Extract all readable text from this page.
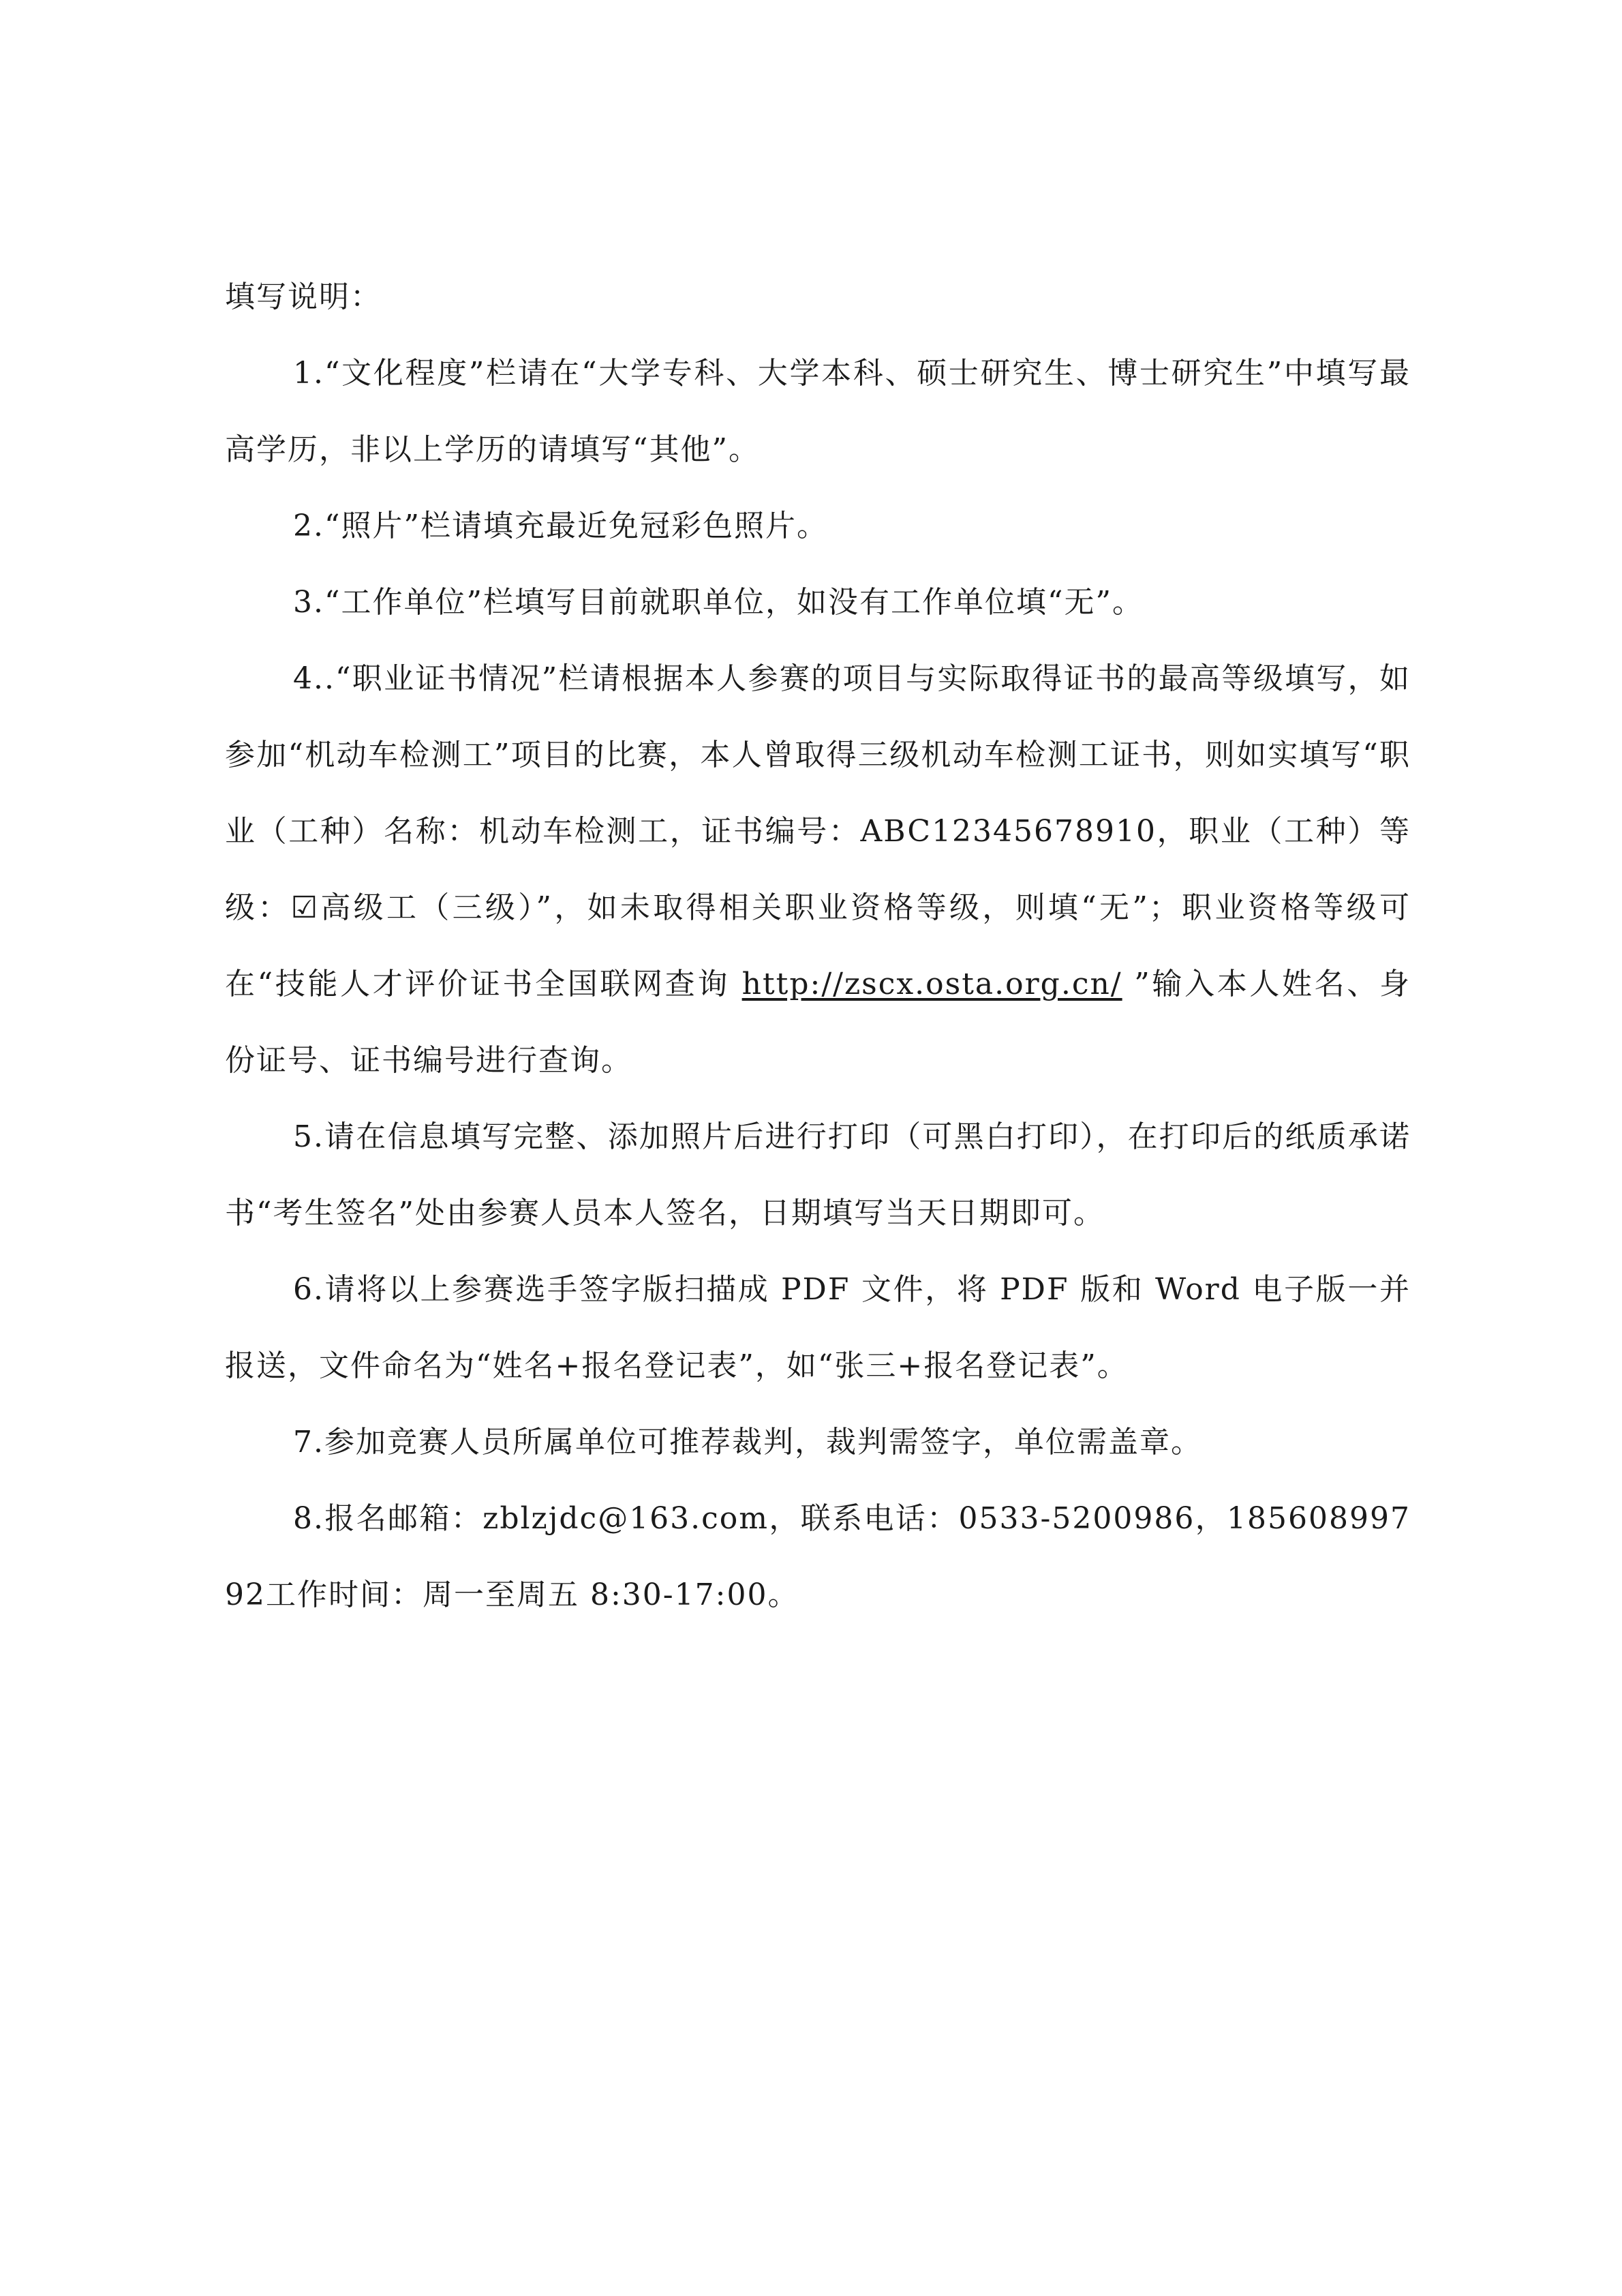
填写说明：

1.“文化程度”栏请在“大学专科、大学本科、硕士研究生、博士研究生”中填写最高学历，非以上学历的请填写“其他”。

2.“照片”栏请填充最近免冠彩色照片。

3.“工作单位”栏填写目前就职单位，如没有工作单位填“无”。

4..“职业证书情况”栏请根据本人参赛的项目与实际取得证书的最高等级填写，如参加“机动车检测工”项目的比赛，本人曾取得三级机动车检测工证书，则如实填写“职业（工种）名称：机动车检测工，证书编号：ABC12345678910，职业（工种）等级：☑高级工（三级）”，如未取得相关职业资格等级，则填“无”；职业资格等级可在“技能人才评价证书全国联网查询 http://zscx.osta.org.cn/ ”输入本人姓名、身份证号、证书编号进行查询。

5.请在信息填写完整、添加照片后进行打印（可黑白打印），在打印后的纸质承诺书“考生签名”处由参赛人员本人签名，日期填写当天日期即可。

6.请将以上参赛选手签字版扫描成 PDF 文件，将 PDF 版和 Word 电子版一并报送，文件命名为“姓名+报名登记表”，如“张三+报名登记表”。

7.参加竞赛人员所属单位可推荐裁判，裁判需签字，单位需盖章。

8.报名邮箱：zblzjdc@163.com，联系电话：0533-5200986，18560899792工作时间：周一至周五 8:30-17:00。
